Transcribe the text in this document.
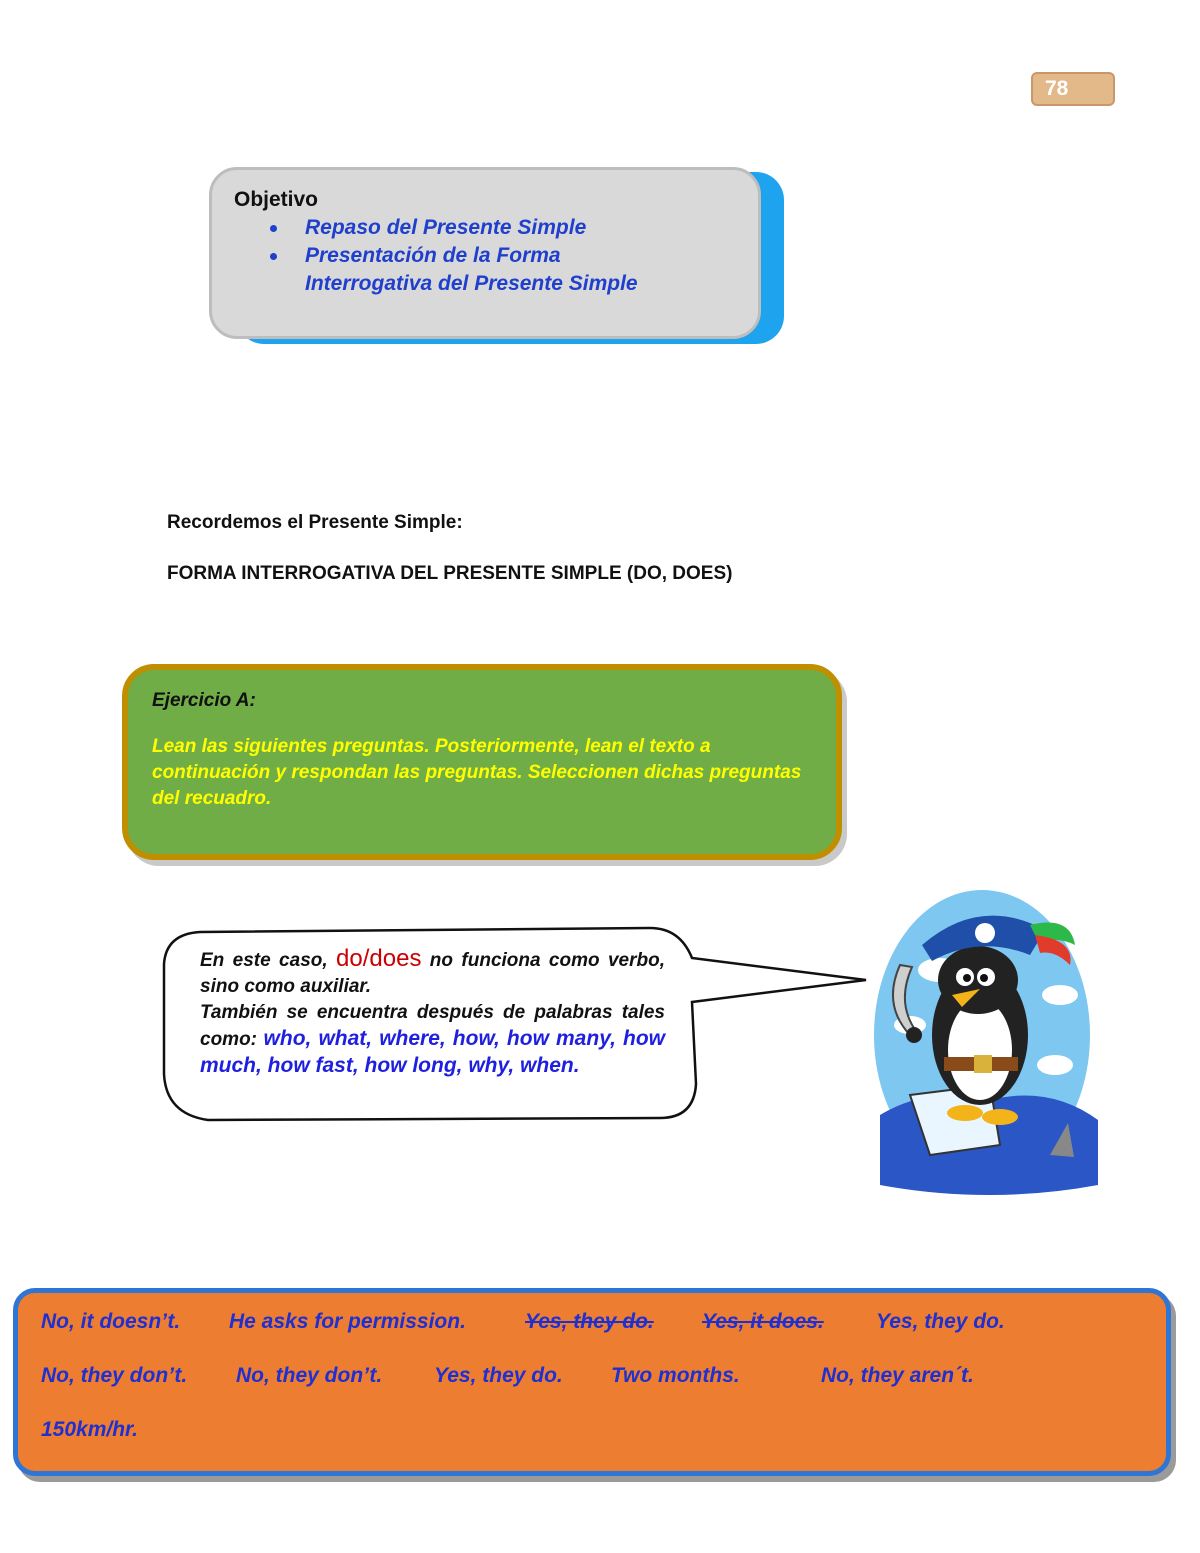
78

Objetivo

Repaso del Presente Simple
Presentación de la Forma
Interrogativa del Presente Simple
Recordemos el Presente Simple:
FORMA INTERROGATIVA DEL PRESENTE SIMPLE (DO, DOES)

Ejercicio A:

Lean las siguientes preguntas. Posteriormente, lean el texto a continuación y respondan las preguntas. Seleccionen dichas preguntas del recuadro.

En este caso, do/does no funciona como verbo, sino como auxiliar.
También se encuentra después de palabras tales como: who, what, where, how, how many, how much, how fast, how long, why, when.
No, it doesn’t. He asks for permission.	Yes, they do. Yes, it does. Yes, they do.
No, they don’t. No, they don’t. Yes, they do. Two months.	No, they aren´t.
150km/hr.
